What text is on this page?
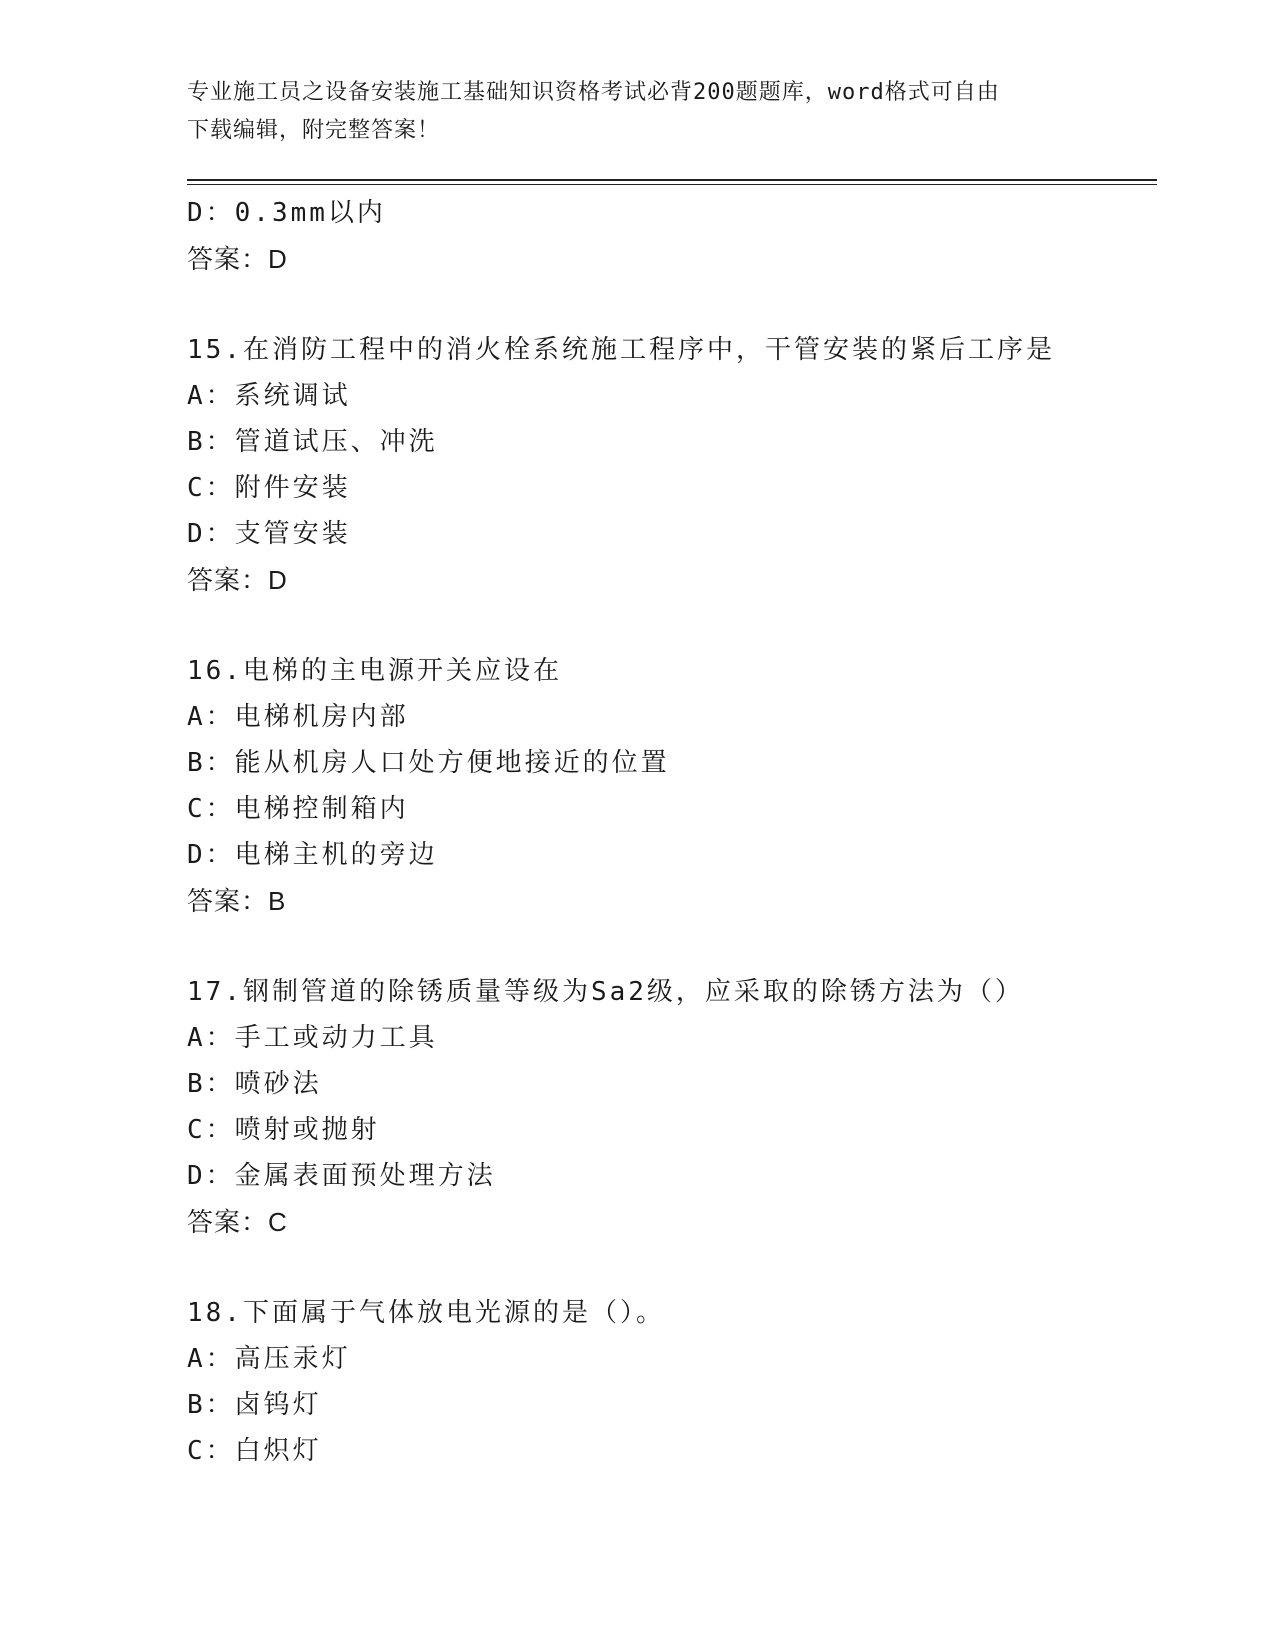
专业施工员之设备安装施工基础知识资格考试必背200题题库，word格式可自由
下载编辑，附完整答案！
D：0.3mm以内
答案：D
15.在消防工程中的消火栓系统施工程序中，干管安装的紧后工序是
A：系统调试
B：管道试压、冲洗
C：附件安装
D：支管安装
答案：D
16.电梯的主电源开关应设在
A：电梯机房内部
B：能从机房人口处方便地接近的位置
C：电梯控制箱内
D：电梯主机的旁边
答案：B
17.钢制管道的除锈质量等级为Sa2级，应采取的除锈方法为（）
A：手工或动力工具
B：喷砂法
C：喷射或抛射
D：金属表面预处理方法
答案：C
18.下面属于气体放电光源的是（）。
A：高压汞灯
B：卤钨灯
C：白炽灯
